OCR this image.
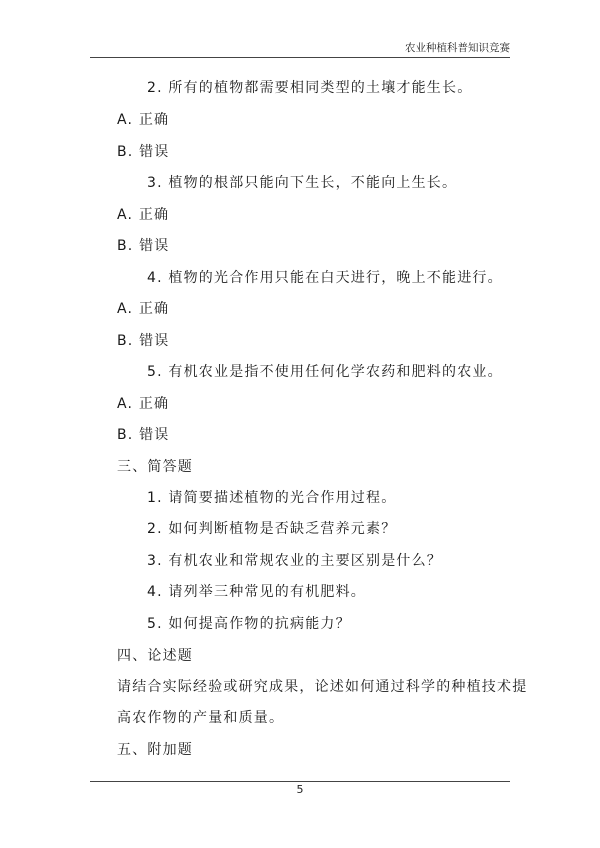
农业种植科普知识竞赛
2. 所有的植物都需要相同类型的土壤才能生长。
A. 正确
B. 错误
3. 植物的根部只能向下生长，不能向上生长。
A. 正确
B. 错误
4. 植物的光合作用只能在白天进行，晚上不能进行。
A. 正确
B. 错误
5. 有机农业是指不使用任何化学农药和肥料的农业。
A. 正确
B. 错误
三、简答题
1. 请简要描述植物的光合作用过程。
2. 如何判断植物是否缺乏营养元素？
3. 有机农业和常规农业的主要区别是什么？
4. 请列举三种常见的有机肥料。
5. 如何提高作物的抗病能力？
四、论述题
请结合实际经验或研究成果，论述如何通过科学的种植技术提
高农作物的产量和质量。
五、附加题
5
